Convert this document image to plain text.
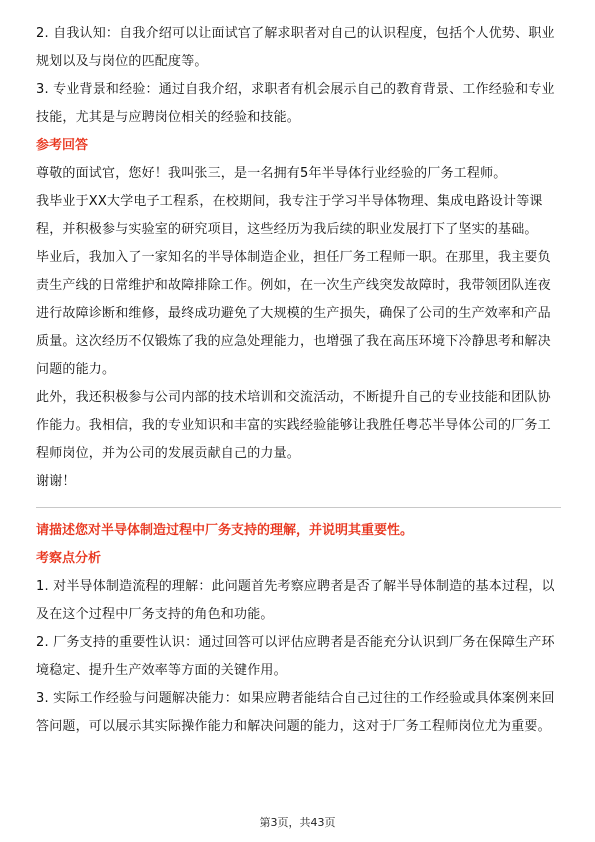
2. 自我认知：自我介绍可以让面试官了解求职者对自己的认识程度，包括个人优势、职业规划以及与岗位的匹配度等。

3. 专业背景和经验：通过自我介绍，求职者有机会展示自己的教育背景、工作经验和专业技能，尤其是与应聘岗位相关的经验和技能。

参考回答

尊敬的面试官，您好！我叫张三，是一名拥有5年半导体行业经验的厂务工程师。

我毕业于XX大学电子工程系，在校期间，我专注于学习半导体物理、集成电路设计等课程，并积极参与实验室的研究项目，这些经历为我后续的职业发展打下了坚实的基础。

毕业后，我加入了一家知名的半导体制造企业，担任厂务工程师一职。在那里，我主要负责生产线的日常维护和故障排除工作。例如，在一次生产线突发故障时，我带领团队连夜进行故障诊断和维修，最终成功避免了大规模的生产损失，确保了公司的生产效率和产品质量。这次经历不仅锻炼了我的应急处理能力，也增强了我在高压环境下冷静思考和解决问题的能力。

此外，我还积极参与公司内部的技术培训和交流活动，不断提升自己的专业技能和团队协作能力。我相信，我的专业知识和丰富的实践经验能够让我胜任粤芯半导体公司的厂务工程师岗位，并为公司的发展贡献自己的力量。

谢谢！

请描述您对半导体制造过程中厂务支持的理解，并说明其重要性。

考察点分析

1. 对半导体制造流程的理解：此问题首先考察应聘者是否了解半导体制造的基本过程，以及在这个过程中厂务支持的角色和功能。

2. 厂务支持的重要性认识：通过回答可以评估应聘者是否能充分认识到厂务在保障生产环境稳定、提升生产效率等方面的关键作用。

3. 实际工作经验与问题解决能力：如果应聘者能结合自己过往的工作经验或具体案例来回答问题，可以展示其实际操作能力和解决问题的能力，这对于厂务工程师岗位尤为重要。

第3页，共43页
